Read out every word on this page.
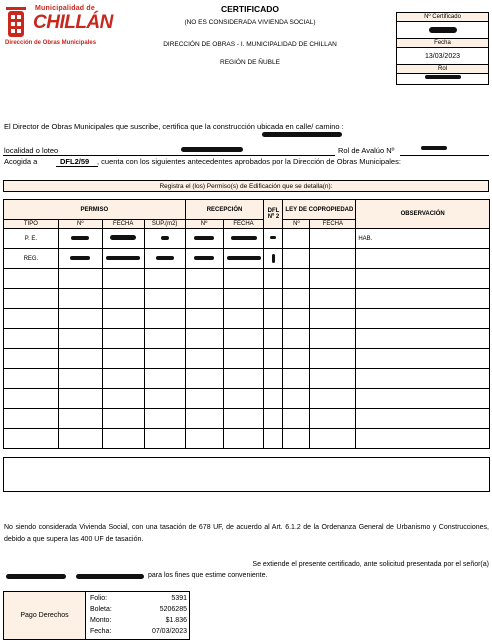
Municipalidad de
CHILLÁN
Dirección de Obras Municipales
CERTIFICADO
(NO ES CONSIDERADA VIVIENDA SOCIAL)
DIRECCIÓN DE OBRAS - I. MUNICIPALIDAD DE CHILLAN
REGIÓN DE ÑUBLE
Nº Certificado
Fecha
13/03/2023
Rol
El Director de Obras Municipales que suscribe, certifica que la construcción ubicada en calle/ camino :
localidad o loteo	Rol de Avalúo Nº
Acogida a	DFL2/59 , cuenta con los siguientes antecedentes aprobados por la Dirección de Obras Municipales:
Registra el (los) Permiso(s) de Edificación que se detalla(n):
PERMISO				RECEPCIÓN		DFL Nº 2	LEY DE COPROPIEDAD		OBSERVACIÓN
TIPO	Nº	FECHA	SUP.(m2)	Nº	FECHA		Nº	FECHA	
P. E.									HAB.
REG.									

No siendo considerada Vivienda Social, con una tasación de 678 UF, de acuerdo al Art. 6.1.2 de la Ordenanza General de Urbanismo y Construcciones, debido a que supera las 400 UF de tasación.
Se extiende el presente certificado, ante solicitud presentada por el señor(a)
para los fines que estime conveniente.
Pago Derechos
Folio:	5391
Boleta:	5206285
Monto:	$1.836
Fecha:	07/03/2023
